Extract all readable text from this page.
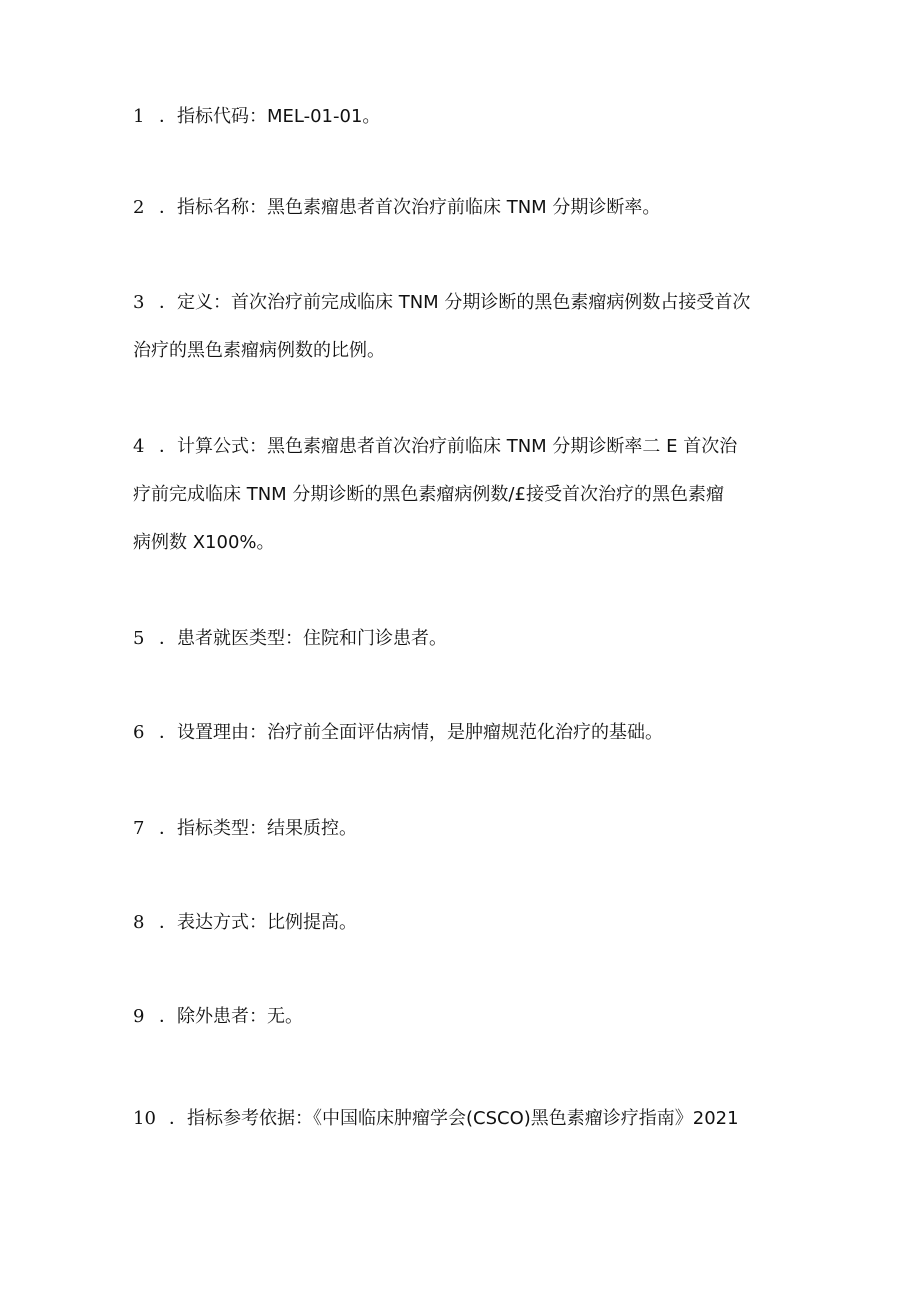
1 ．指标代码：MEL-01-01。
2 ．指标名称：黑色素瘤患者首次治疗前临床 TNM 分期诊断率。
3 ．定义：首次治疗前完成临床 TNM 分期诊断的黑色素瘤病例数占接受首次
治疗的黑色素瘤病例数的比例。
4 ．计算公式：黑色素瘤患者首次治疗前临床 TNM 分期诊断率二 E 首次治
疗前完成临床 TNM 分期诊断的黑色素瘤病例数/£接受首次治疗的黑色素瘤
病例数 X100%。
5 ．患者就医类型：住院和门诊患者。
6 ．设置理由：治疗前全面评估病情，是肿瘤规范化治疗的基础。
7 ．指标类型：结果质控。
8 ．表达方式：比例提高。
9 ．除外患者：无。
10 ．指标参考依据：《中国临床肿瘤学会(CSCO)黑色素瘤诊疗指南》2021
